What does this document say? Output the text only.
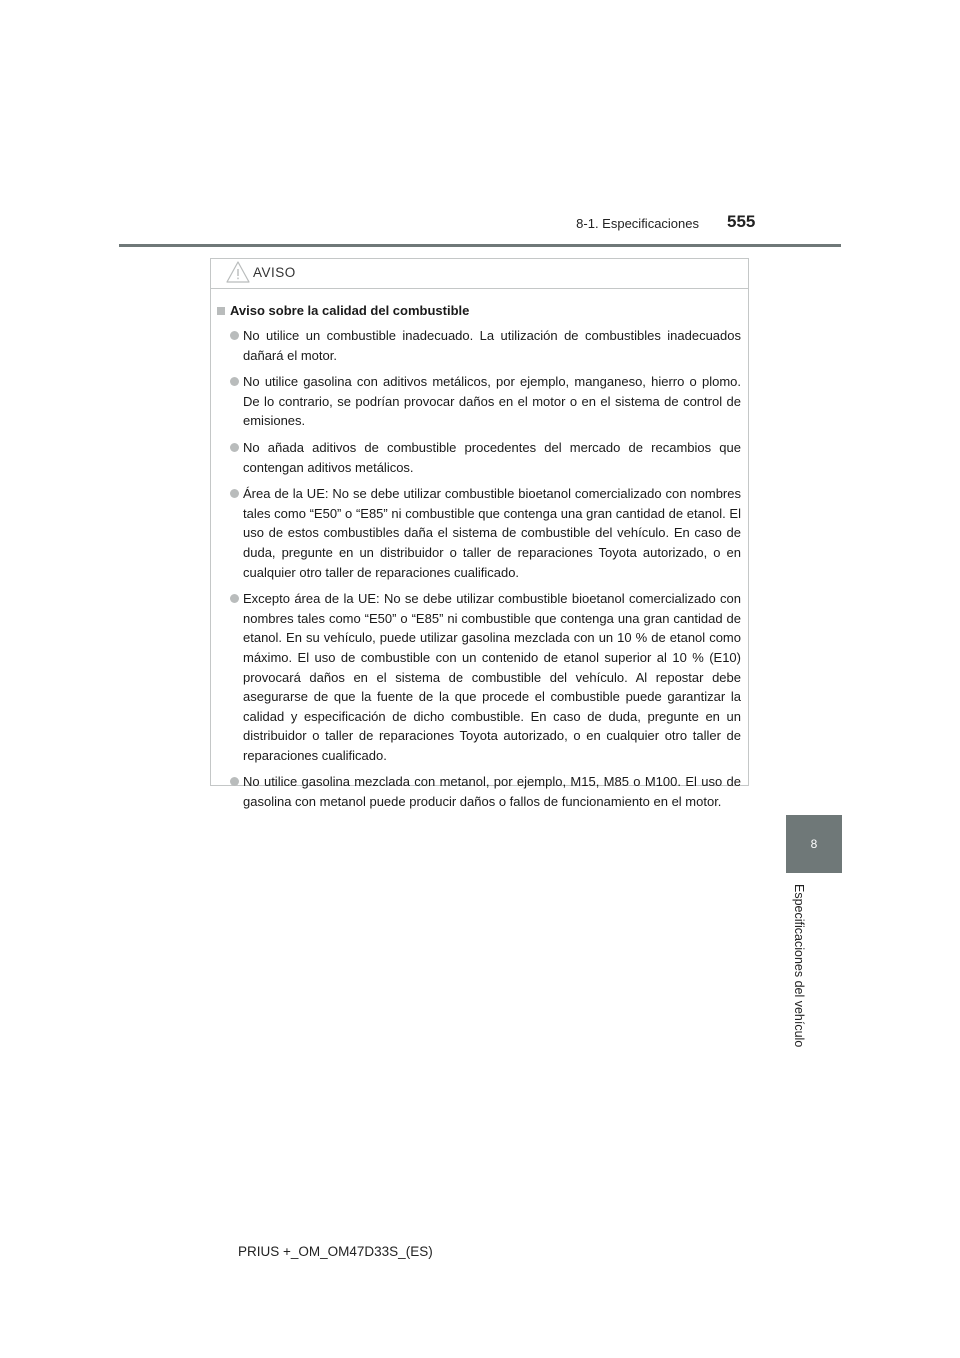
8-1. Especificaciones 555
8
Especificaciones del vehículo
AVISO
Aviso sobre la calidad del combustible
No utilice un combustible inadecuado. La utilización de combustibles inadecuados dañará el motor.
No utilice gasolina con aditivos metálicos, por ejemplo, manganeso, hierro o plomo. De lo contrario, se podrían provocar daños en el motor o en el sistema de control de emisiones.
No añada aditivos de combustible procedentes del mercado de recambios que contengan aditivos metálicos.
Área de la UE: No se debe utilizar combustible bioetanol comercializado con nombres tales como “E50” o “E85” ni combustible que contenga una gran cantidad de etanol. El uso de estos combustibles daña el sistema de combustible del vehículo. En caso de duda, pregunte en un distribuidor o taller de reparaciones Toyota autorizado, o en cualquier otro taller de reparaciones cualificado.
Excepto área de la UE: No se debe utilizar combustible bioetanol comercializado con nombres tales como “E50” o “E85” ni combustible que contenga una gran cantidad de etanol. En su vehículo, puede utilizar gasolina mezclada con un 10 % de etanol como máximo. El uso de combustible con un contenido de etanol superior al 10 % (E10) provocará daños en el sistema de combustible del vehículo. Al repostar debe asegurarse de que la fuente de la que procede el combustible puede garantizar la calidad y especificación de dicho combustible. En caso de duda, pregunte en un distribuidor o taller de reparaciones Toyota autorizado, o en cualquier otro taller de reparaciones cualificado.
No utilice gasolina mezclada con metanol, por ejemplo, M15, M85 o M100. El uso de gasolina con metanol puede producir daños o fallos de funcionamiento en el motor.
PRIUS +_OM_OM47D33S_(ES)
